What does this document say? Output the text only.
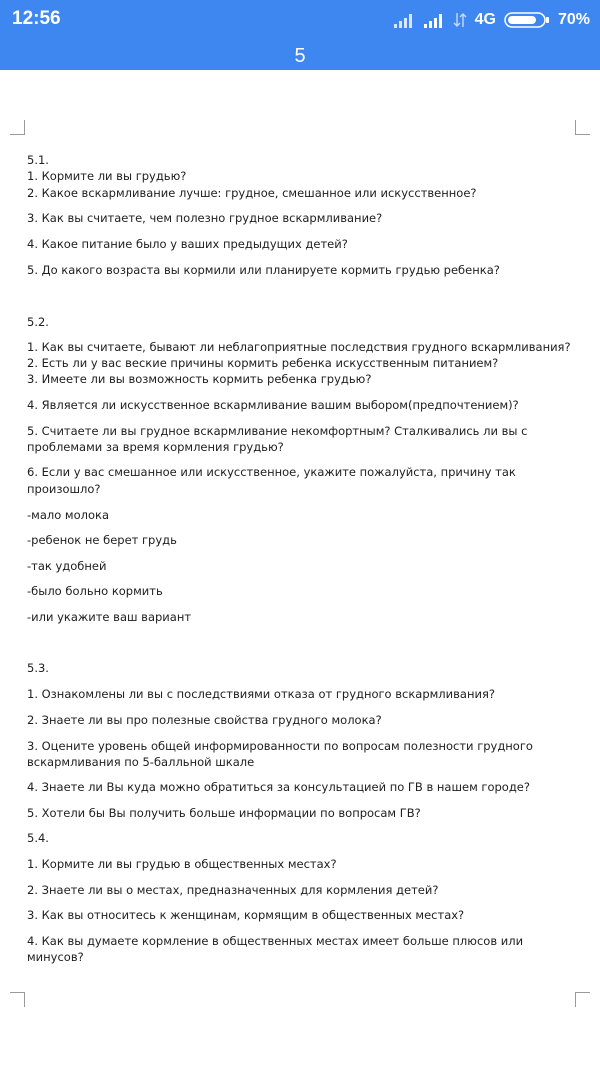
12:56	4G	70%
5
5.1.
1. Кормите ли вы грудью?
2. Какое вскармливание лучше: грудное, смешанное или искусственное?
3. Как вы считаете, чем полезно грудное вскармливание?
4. Какое питание было у ваших предыдущих детей?
5. До какого возраста вы кормили или планируете кормить грудью ребенка?
5.2.
1. Как вы считаете, бывают ли неблагоприятные последствия грудного вскармливания?
2. Есть ли у вас веские причины кормить ребенка искусственным питанием?
3. Имеете ли вы возможность кормить ребенка грудью?
4. Является ли искусственное вскармливание вашим выбором(предпочтением)?
5. Считаете ли вы грудное вскармливание некомфортным? Сталкивались ли вы с
проблемами за время кормления грудью?
6. Если у вас смешанное или искусственное, укажите пожалуйста, причину так
произошло?
-мало молока
-ребенок не берет грудь
-так удобней
-было больно кормить
-или укажите ваш вариант
5.3.
1. Ознакомлены ли вы с последствиями отказа от грудного вскармливания?
2. Знаете ли вы про полезные свойства грудного молока?
3. Оцените уровень общей информированности по вопросам полезности грудного
вскармливания по 5-балльной шкале
4. Знаете ли Вы куда можно обратиться за консультацией по ГВ в нашем городе?
5. Хотели бы Вы получить больше информации по вопросам ГВ?
5.4.
1. Кормите ли вы грудью в общественных местах?
2. Знаете ли вы о местах, предназначенных для кормления детей?
3. Как вы относитесь к женщинам, кормящим в общественных местах?
4. Как вы думаете кормление в общественных местах имеет больше плюсов или
минусов?
